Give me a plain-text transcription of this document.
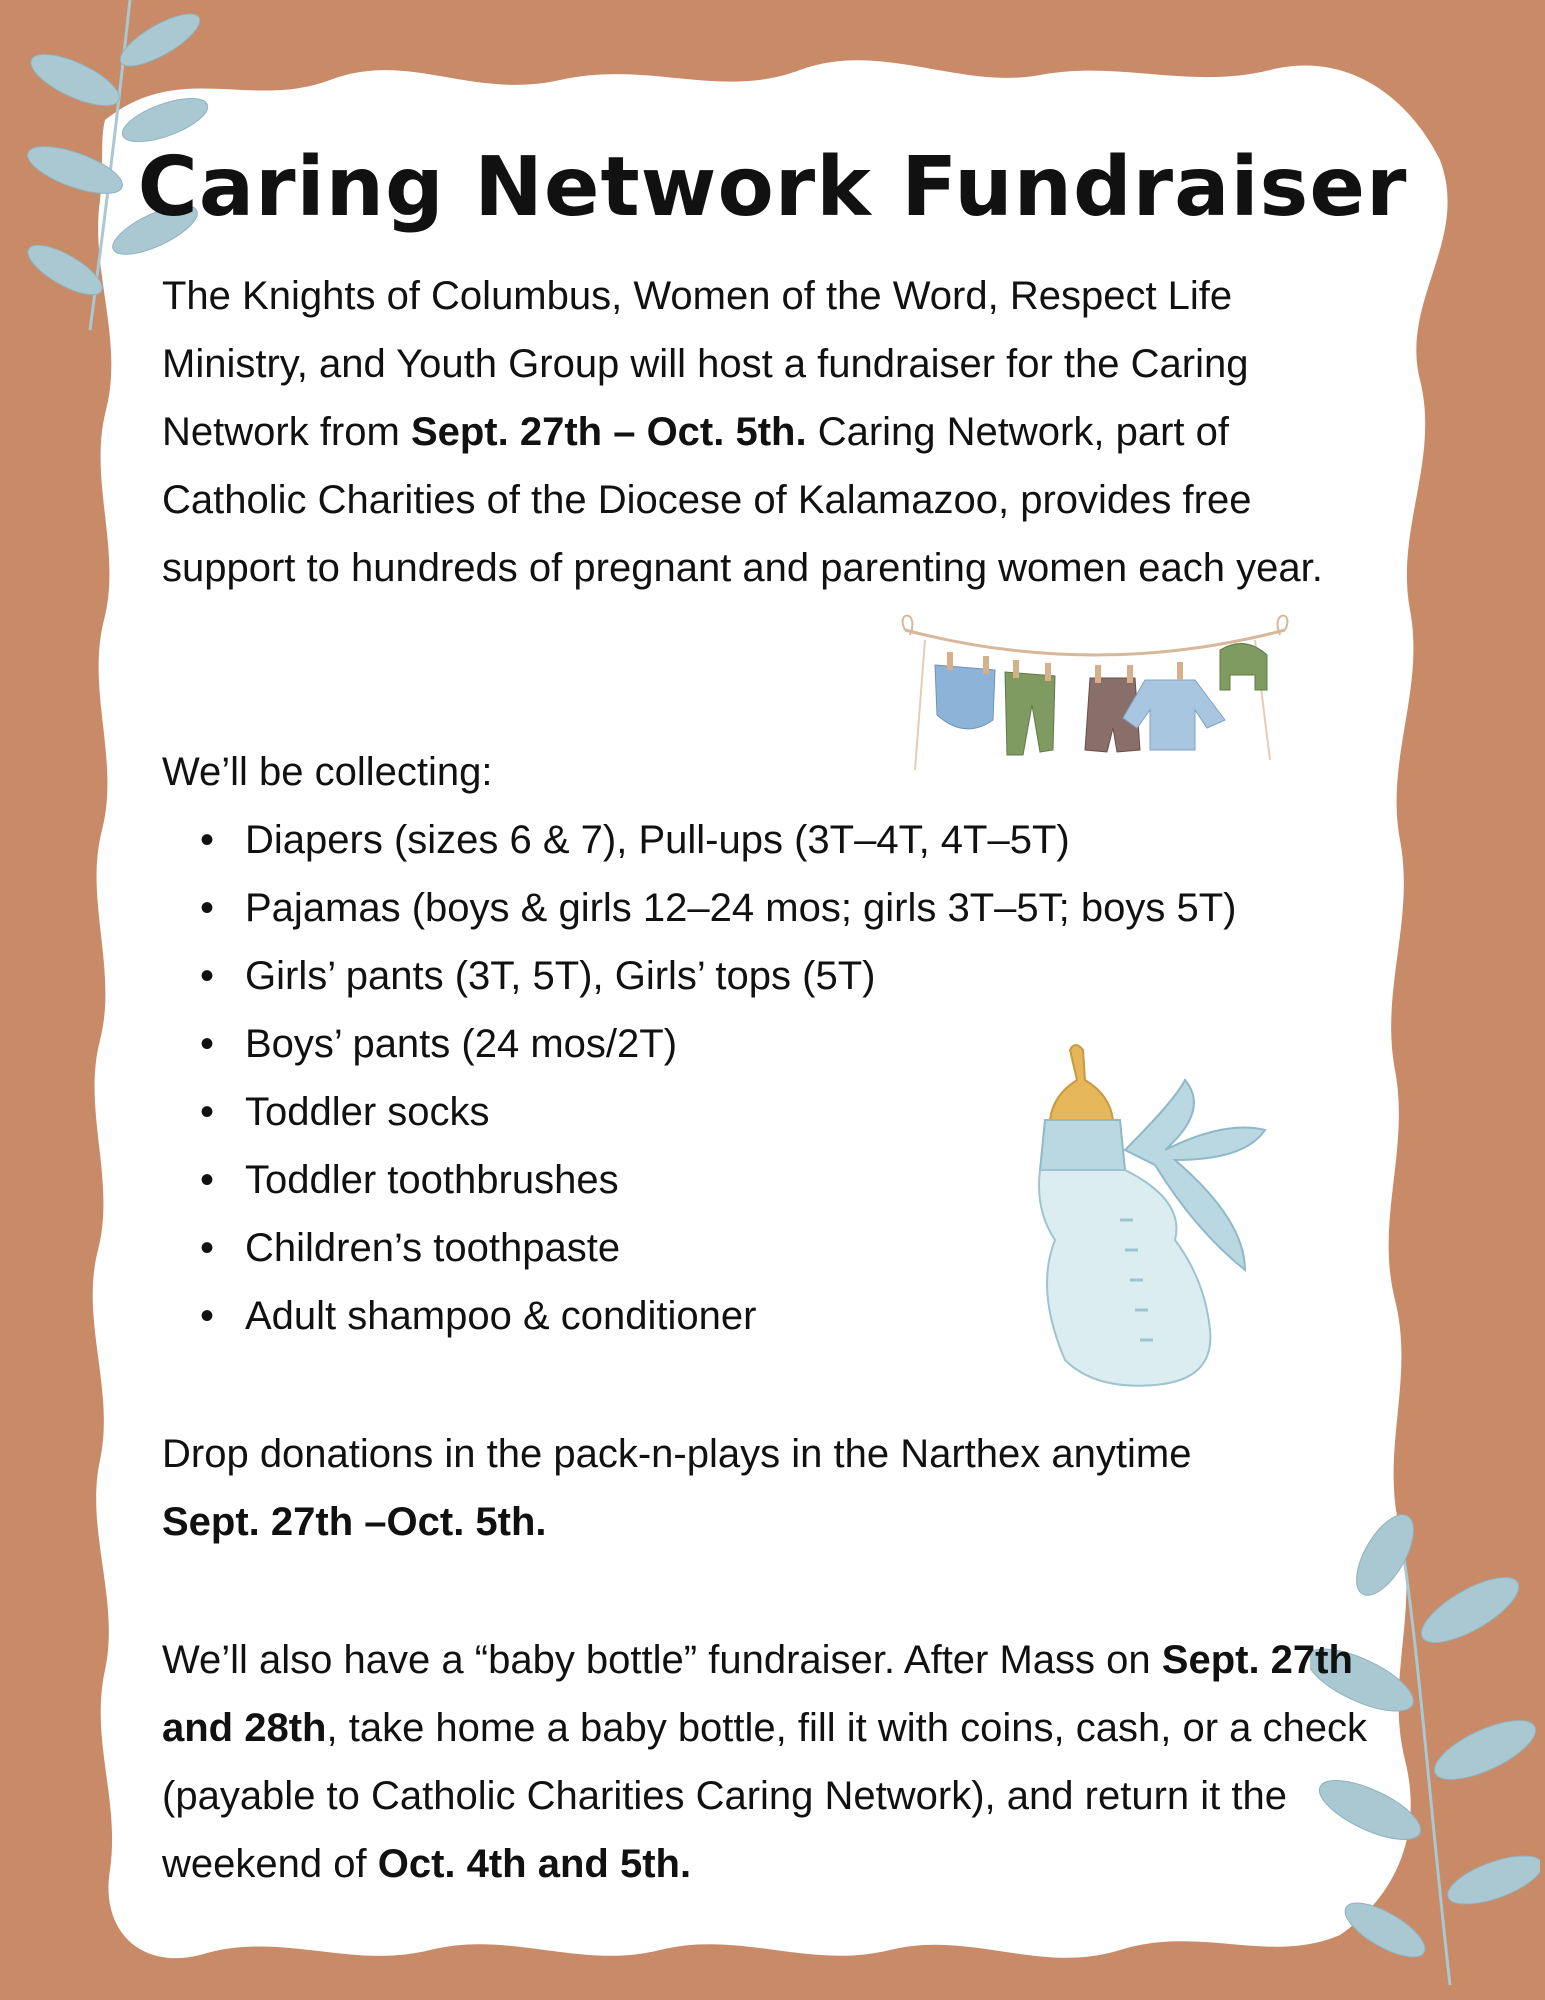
Caring Network Fundraiser

The Knights of Columbus, Women of the Word, Respect Life Ministry, and Youth Group will host a fundraiser for the Caring Network from Sept. 27th – Oct. 5th. Caring Network, part of Catholic Charities of the Diocese of Kalamazoo, provides free support to hundreds of pregnant and parenting women each year.

We’ll be collecting:

• Diapers (sizes 6 & 7), Pull-ups (3T–4T, 4T–5T)
• Pajamas (boys & girls 12–24 mos; girls 3T–5T; boys 5T)
• Girls’ pants (3T, 5T), Girls’ tops (5T)
• Boys’ pants (24 mos/2T)
• Toddler socks
• Toddler toothbrushes
• Children’s toothpaste
• Adult shampoo & conditioner

Drop donations in the pack-n-plays in the Narthex anytime
Sept. 27th –Oct. 5th.

We’ll also have a “baby bottle” fundraiser. After Mass on Sept. 27th and 28th, take home a baby bottle, fill it with coins, cash, or a check (payable to Catholic Charities Caring Network), and return it the weekend of Oct. 4th and 5th.
